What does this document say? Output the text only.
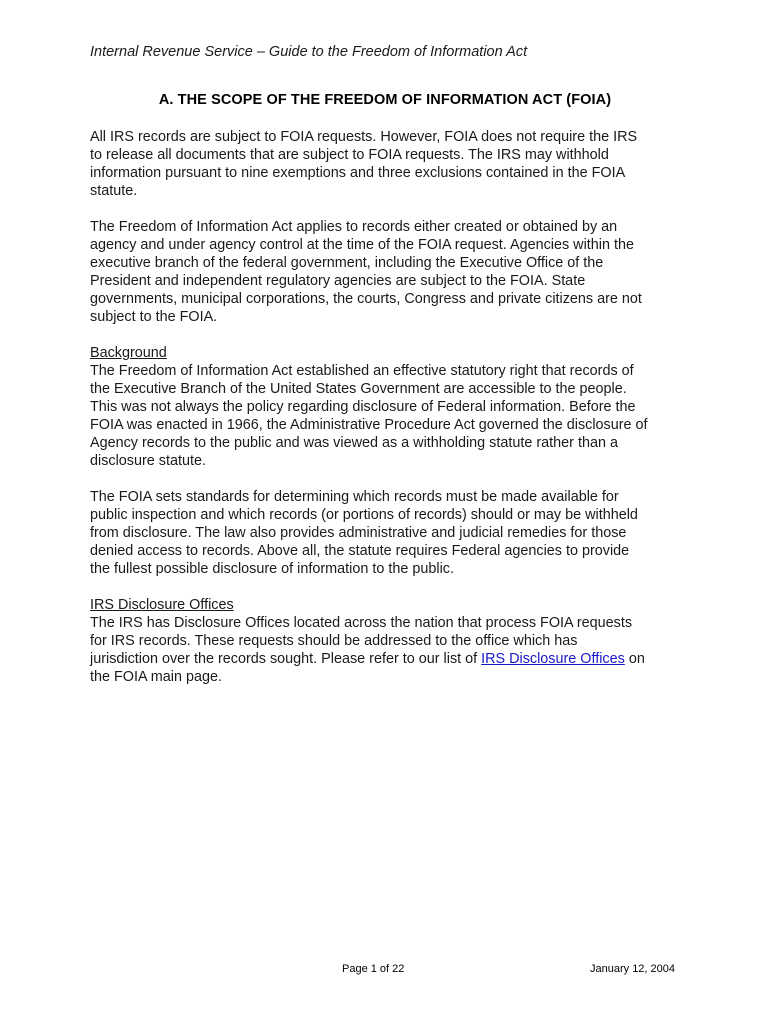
Internal Revenue Service – Guide to the Freedom of Information Act
A. THE SCOPE OF THE FREEDOM OF INFORMATION ACT (FOIA)

All IRS records are subject to FOIA requests. However, FOIA does not require the IRS
to release all documents that are subject to FOIA requests. The IRS may withhold
information pursuant to nine exemptions and three exclusions contained in the FOIA
statute.

The Freedom of Information Act applies to records either created or obtained by an
agency and under agency control at the time of the FOIA request. Agencies within the
executive branch of the federal government, including the Executive Office of the
President and independent regulatory agencies are subject to the FOIA. State
governments, municipal corporations, the courts, Congress and private citizens are not
subject to the FOIA.

Background
The Freedom of Information Act established an effective statutory right that records of
the Executive Branch of the United States Government are accessible to the people.
This was not always the policy regarding disclosure of Federal information. Before the
FOIA was enacted in 1966, the Administrative Procedure Act governed the disclosure of
Agency records to the public and was viewed as a withholding statute rather than a
disclosure statute.

The FOIA sets standards for determining which records must be made available for
public inspection and which records (or portions of records) should or may be withheld
from disclosure. The law also provides administrative and judicial remedies for those
denied access to records. Above all, the statute requires Federal agencies to provide
the fullest possible disclosure of information to the public.

IRS Disclosure Offices
The IRS has Disclosure Offices located across the nation that process FOIA requests
for IRS records. These requests should be addressed to the office which has
jurisdiction over the records sought. Please refer to our list of IRS Disclosure Offices on
the FOIA main page.

Page 1 of 22	January 12, 2004
